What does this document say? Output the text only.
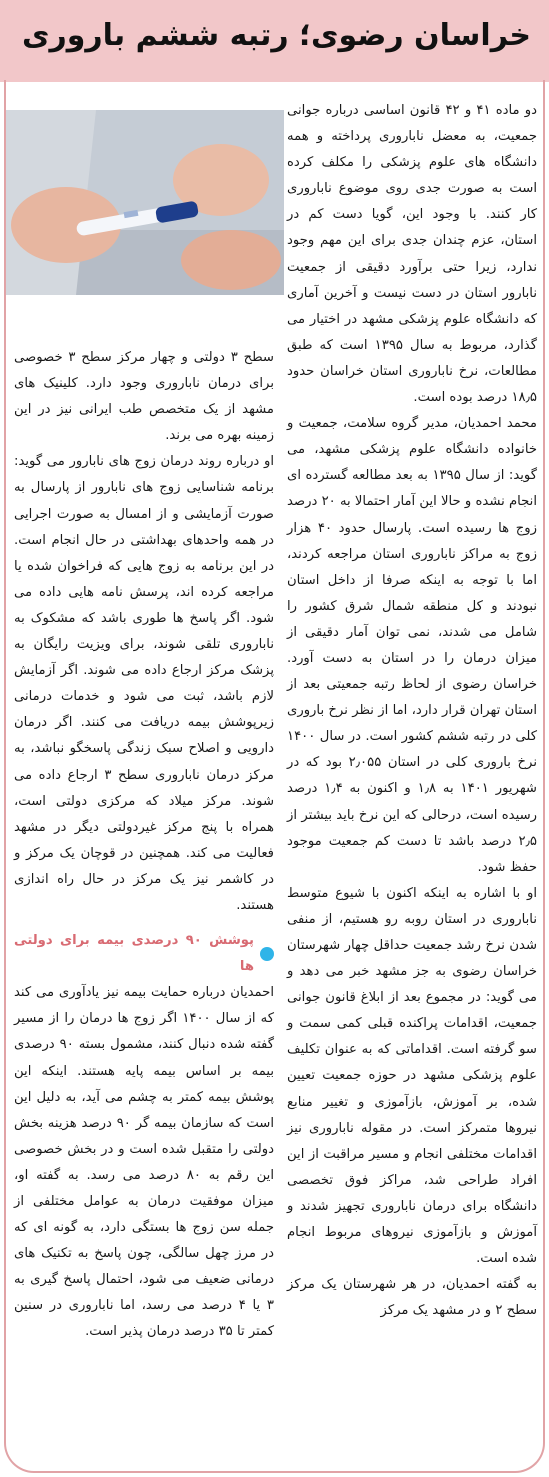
خراسان رضوی؛ رتبه ششم باروری

دو ماده ۴۱ و ۴۲ قانون اساسی درباره جوانی جمعیت، به معضل ناباروری پرداخته و همه دانشگاه های علوم پزشکی را مکلف کرده است به صورت جدی روی موضوع ناباروری کار کنند. با وجود این، گویا دست کم در استان، عزم چندان جدی برای این مهم وجود ندارد، زیرا حتی برآورد دقیقی از جمعیت نابارور استان در دست نیست و آخرین آماری که دانشگاه علوم پزشکی مشهد در اختیار می گذارد، مربوط به سال ۱۳۹۵ است که طبق مطالعات، نرخ ناباروری استان خراسان حدود ۱۸٫۵ درصد بوده است.

محمد احمدیان، مدیر گروه سلامت، جمعیت و خانواده دانشگاه علوم پزشکی مشهد، می گوید: از سال ۱۳۹۵ به بعد مطالعه گسترده ای انجام نشده و حالا این آمار احتمالا به ۲۰ درصد زوج ها رسیده است. پارسال حدود ۴۰ هزار زوج به مراکز ناباروری استان مراجعه کردند، اما با توجه به اینکه صرفا از داخل استان نبودند و کل منطقه شمال شرق کشور را شامل می شدند، نمی توان آمار دقیقی از میزان درمان را در استان به دست آورد. خراسان رضوی از لحاظ رتبه جمعیتی بعد از استان تهران قرار دارد، اما از نظر نرخ باروری کلی در رتبه ششم کشور است. در سال ۱۴۰۰ نرخ باروری کلی در استان ۲٫۰۵۵ بود که در شهریور ۱۴۰۱ به ۱٫۸ و اکنون به ۱٫۴ درصد رسیده است، درحالی که این نرخ باید بیشتر از ۲٫۵ درصد باشد تا دست کم جمعیت موجود حفظ شود.

او با اشاره به اینکه اکنون با شیوع متوسط ناباروری در استان روبه رو هستیم، از منفی شدن نرخ رشد جمعیت حداقل چهار شهرستان خراسان رضوی به جز مشهد خبر می دهد و می گوید: در مجموع بعد از ابلاغ قانون جوانی جمعیت، اقدامات پراکنده قبلی کمی سمت و سو گرفته است. اقداماتی که به عنوان تکلیف علوم پزشکی مشهد در حوزه جمعیت تعیین شده، بر آموزش، بازآموزی و تغییر منابع نیروها متمرکز است. در مقوله ناباروری نیز اقدامات مختلفی انجام و مسیر مراقبت از این افراد طراحی شد، مراکز فوق تخصصی دانشگاه برای درمان ناباروری تجهیز شدند و آموزش و بازآموزی نیروهای مربوط انجام شده است.

به گفته احمدیان، در هر شهرستان یک مرکز سطح ۲ و در مشهد یک مرکز

سطح ۳ دولتی و چهار مرکز سطح ۳ خصوصی برای درمان ناباروری وجود دارد. کلینیک های مشهد از یک متخصص طب ایرانی نیز در این زمینه بهره می برند.

او درباره روند درمان زوج های نابارور می گوید: برنامه شناسایی زوج های نابارور از پارسال به صورت آزمایشی و از امسال به صورت اجرایی در همه واحدهای بهداشتی در حال انجام است. در این برنامه به زوج هایی که فراخوان شده یا مراجعه کرده اند، پرسش نامه هایی داده می شود. اگر پاسخ ها طوری باشد که مشکوک به ناباروری تلقی شوند، برای ویزیت رایگان به پزشک مرکز ارجاع داده می شوند. اگر آزمایش لازم باشد، ثبت می شود و خدمات درمانی زیرپوشش بیمه دریافت می کنند. اگر درمان دارویی و اصلاح سبک زندگی پاسخگو نباشد، به مرکز درمان ناباروری سطح ۳ ارجاع داده می شوند. مرکز میلاد که مرکزی دولتی است، همراه با پنج مرکز غیردولتی دیگر در مشهد فعالیت می کند. همچنین در قوچان یک مرکز و در کاشمر نیز یک مرکز در حال راه اندازی هستند.

پوشش ۹۰ درصدی بیمه برای دولتی ها

احمدیان درباره حمایت بیمه نیز یادآوری می کند که از سال ۱۴۰۰ اگر زوج ها درمان را از مسیر گفته شده دنبال کنند، مشمول بسته ۹۰ درصدی بیمه بر اساس بیمه پایه هستند. اینکه این پوشش بیمه کمتر به چشم می آید، به دلیل این است که سازمان بیمه گر ۹۰ درصد هزینه بخش دولتی را متقبل شده است و در بخش خصوصی این رقم به ۸۰ درصد می رسد. به گفته او، میزان موفقیت درمان به عوامل مختلفی از جمله سن زوج ها بستگی دارد، به گونه ای که در مرز چهل سالگی، چون پاسخ به تکنیک های درمانی ضعیف می شود، احتمال پاسخ گیری به ۳ یا ۴ درصد می رسد، اما ناباروری در سنین کمتر تا ۳۵ درصد درمان پذیر است.
